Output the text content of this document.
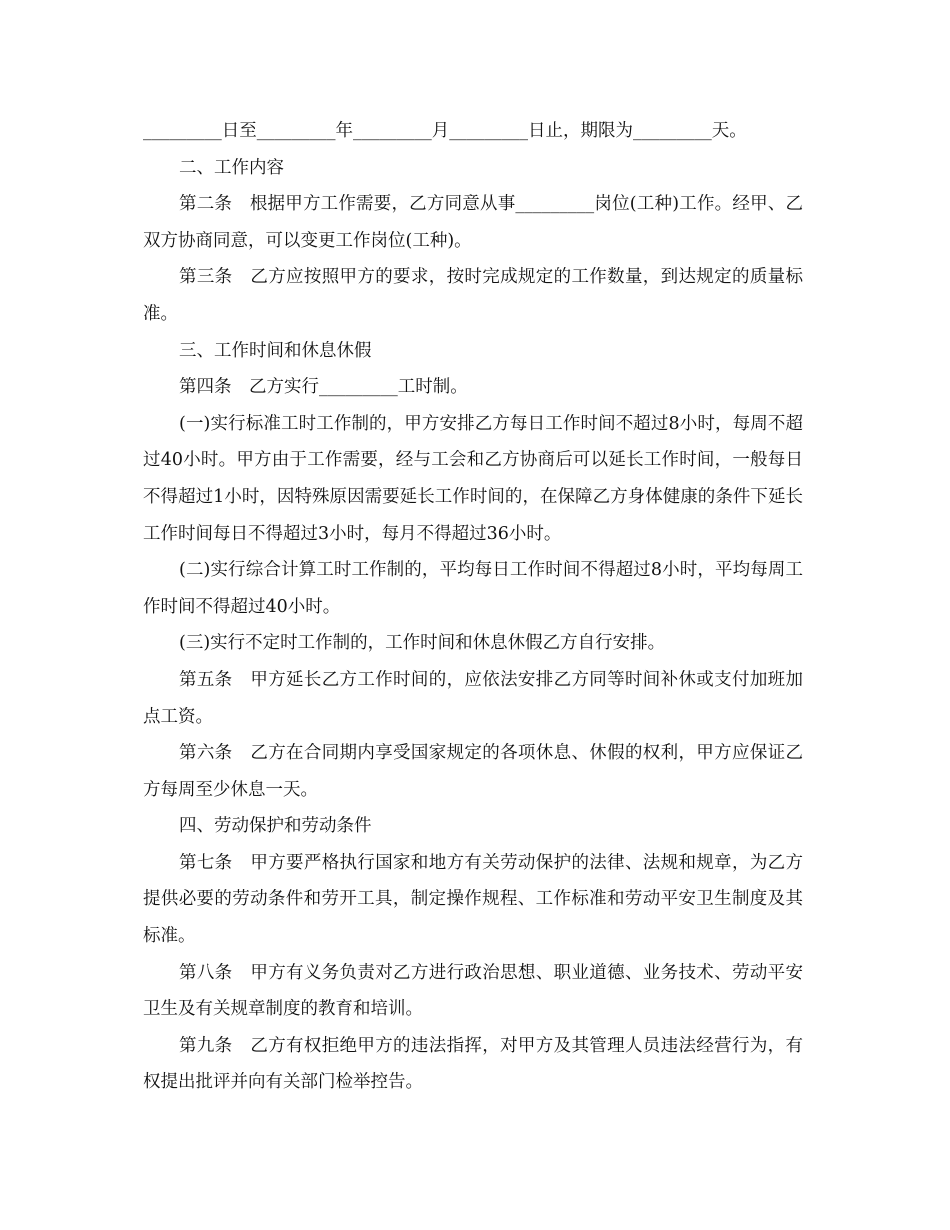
_________日至_________年_________月_________日止，期限为_________天。

二、工作内容

第二条　根据甲方工作需要，乙方同意从事_________岗位(工种)工作。经甲、乙双方协商同意，可以变更工作岗位(工种)。

第三条　乙方应按照甲方的要求，按时完成规定的工作数量，到达规定的质量标准。

三、工作时间和休息休假

第四条　乙方实行_________工时制。

(一)实行标准工时工作制的，甲方安排乙方每日工作时间不超过8小时，每周不超过40小时。甲方由于工作需要，经与工会和乙方协商后可以延长工作时间，一般每日不得超过1小时，因特殊原因需要延长工作时间的，在保障乙方身体健康的条件下延长工作时间每日不得超过3小时，每月不得超过36小时。

(二)实行综合计算工时工作制的，平均每日工作时间不得超过8小时，平均每周工作时间不得超过40小时。

(三)实行不定时工作制的，工作时间和休息休假乙方自行安排。

第五条　甲方延长乙方工作时间的，应依法安排乙方同等时间补休或支付加班加点工资。

第六条　乙方在合同期内享受国家规定的各项休息、休假的权利，甲方应保证乙方每周至少休息一天。

四、劳动保护和劳动条件

第七条　甲方要严格执行国家和地方有关劳动保护的法律、法规和规章，为乙方提供必要的劳动条件和劳开工具，制定操作规程、工作标准和劳动平安卫生制度及其标准。

第八条　甲方有义务负责对乙方进行政治思想、职业道德、业务技术、劳动平安卫生及有关规章制度的教育和培训。

第九条　乙方有权拒绝甲方的违法指挥，对甲方及其管理人员违法经营行为，有权提出批评并向有关部门检举控告。
